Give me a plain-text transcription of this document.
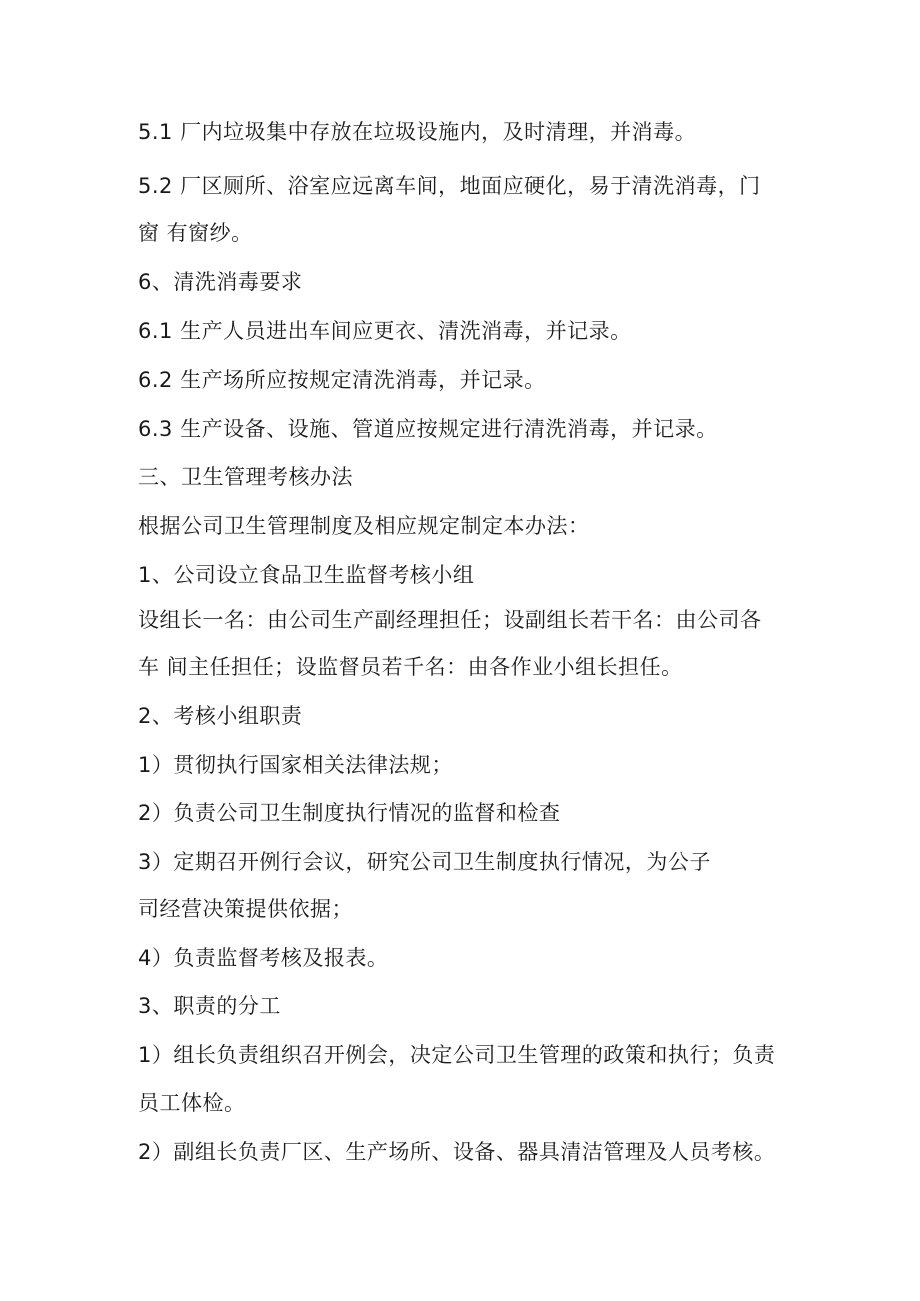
5.1 厂内垃圾集中存放在垃圾设施内，及时清理，并消毒。
5.2 厂区厕所、浴室应远离车间，地面应硬化，易于清洗消毒，门
窗 有窗纱。
6、清洗消毒要求
6.1 生产人员进出车间应更衣、清洗消毒，并记录。
6.2 生产场所应按规定清洗消毒，并记录。
6.3 生产设备、设施、管道应按规定进行清洗消毒，并记录。
三、卫生管理考核办法
根据公司卫生管理制度及相应规定制定本办法：
1、公司设立食品卫生监督考核小组
设组长一名：由公司生产副经理担任；设副组长若干名：由公司各
车 间主任担任；设监督员若千名：由各作业小组长担任。
2、考核小组职责
1）贯彻执行国家相关法律法规；
2）负责公司卫生制度执行情况的监督和检查
3）定期召开例行会议，研究公司卫生制度执行情况，为公子
司经营决策提供依据；
4）负责监督考核及报表。
3、职责的分工
1）组长负责组织召开例会，决定公司卫生管理的政策和执行；负责
员工体检。
2）副组长负责厂区、生产场所、设备、器具清洁管理及人员考核。
